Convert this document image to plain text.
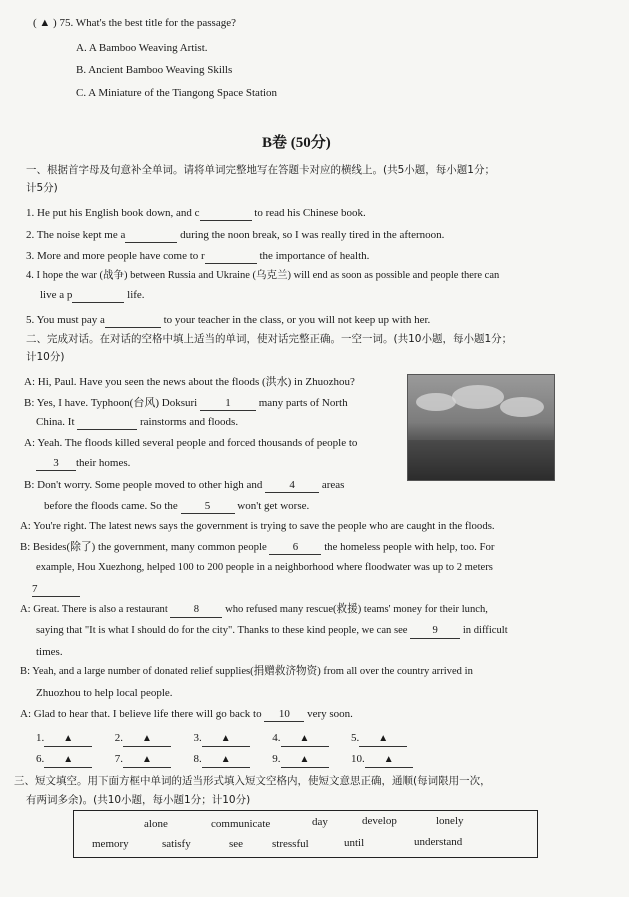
( ▲ ) 75. What's the best title for the passage?
A. A Bamboo Weaving Artist.
B. Ancient Bamboo Weaving Skills
C. A Miniature of the Tiangong Space Station
B卷 (50分)
一、根据首字母及句意补全单词。请将单词完整地写在答题卡对应的横线上。(共5小题，每小题1分；
计5分)
1. He put his English book down, and c	to read his Chinese book.
2. The noise kept me a	during the noon break, so I was really tired in the afternoon.
3. More and more people have come to r	the importance of health.
4. I hope the war (战争) between Russia and Ukraine (乌克兰) will end as soon as possible and people there can
live a p	life.
5. You must pay a	to your teacher in the class, or you will not keep up with her.
二、完成对话。在对话的空格中填上适当的单词，使对话完整正确。一空一词。(共10小题，每小题1分；
计10分)
A: Hi, Paul. Have you seen the news about the floods (洪水) in Zhuozhou?
B: Yes, I have. Typhoon(台风) Doksuri	1	many parts of North
China. It	rainstorms and floods.
A: Yeah. The floods killed several people and forced thousands of people to
3 their homes.
B: Don't worry. Some people moved to other high and 4 areas
before the floods came. So the 5 won't get worse.
A: You're right. The latest news says the government is trying to save the people who are caught in the floods.
B: Besides(除了) the government, many common people 6 the homeless people with help, too. For
example, Hou Xuezhong, helped 100 to 200 people in a neighborhood where floodwater was up to 2 meters
7
A: Great. There is also a restaurant 8 who refused many rescue(救援) teams' money for their lunch,
saying that "It is what I should do for the city". Thanks to these kind people, we can see 9 in difficult
times.
B: Yeah, and a large number of donated relief supplies(捐赠救济物资) from all over the country arrived in
Zhuozhou to help local people.
A: Glad to hear that. I believe life there will go back to 10 very soon.
1. ▲	2. ▲	3. ▲	4. ▲	5. ▲
6. ▲	7. ▲	8. ▲	9. ▲	10. ▲
三、短文填空。用下面方框中单词的适当形式填入短文空格内，使短文意思正确，通顺(每词限用一次，
有两词多余)。(共10小题，每小题1分；计10分)
alone	communicate	day	develop	lonely
memory	satisfy	see	stressful	until	understand
